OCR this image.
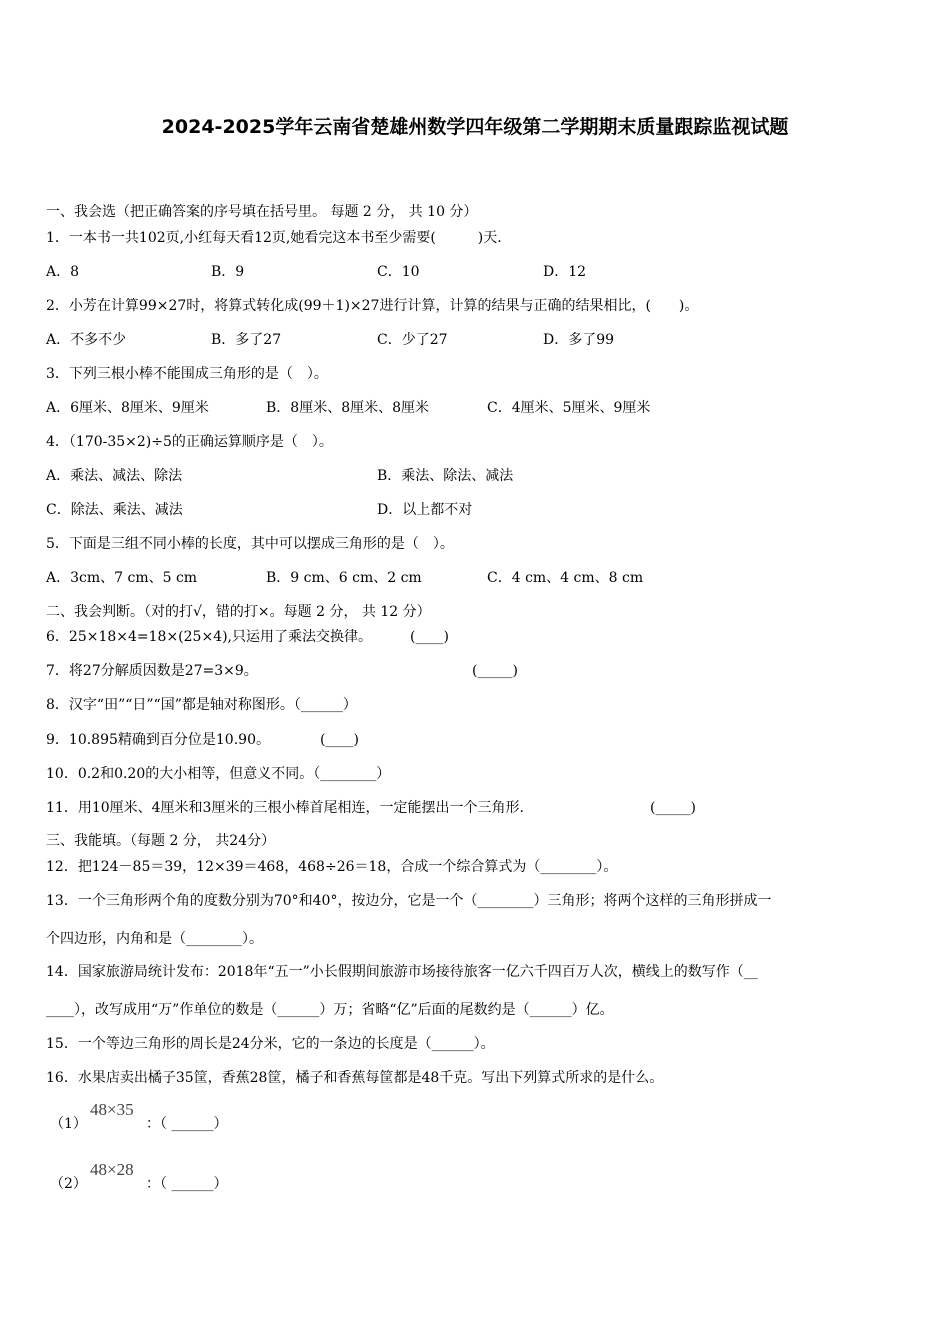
2024-2025学年云南省楚雄州数学四年级第二学期期末质量跟踪监视试题
一、我会选（把正确答案的序号填在括号里。 每题 2 分， 共 10 分）
1．一本书一共102页,小红每天看12页,她看完这本书至少需要(　　　)天.
A．8	B．9	C．10	D．12
2．小芳在计算99×27时，将算式转化成(99＋1)×27进行计算，计算的结果与正确的结果相比，(　　)。
A．不多不少	B．多了27	C．少了27	D．多了99
3．下列三根小棒不能围成三角形的是（　）。
A．6厘米、8厘米、9厘米	B．8厘米、8厘米、8厘米	C．4厘米、5厘米、9厘米
4．（170-35×2)÷5的正确运算顺序是（　）。
A．乘法、减法、除法	B．乘法、除法、减法
C．除法、乘法、减法	D．以上都不对
5．下面是三组不同小棒的长度，其中可以摆成三角形的是（　）。
A．3cm、7 cm、5 cm	B．9 cm、6 cm、2 cm	C．4 cm、4 cm、8 cm
二、我会判断。（对的打√，错的打×。每题 2 分， 共 12 分）
6．25×18×4=18×(25×4),只运用了乘法交换律。	(____)
7．将27分解质因数是27=3×9。	(_____)
8．汉字“田”“日”“国”都是轴对称图形。（______）
9．10.895精确到百分位是10.90。	(____)
10．0.2和0.20的大小相等，但意义不同。（________）
11．用10厘米、4厘米和3厘米的三根小棒首尾相连，一定能摆出一个三角形.	(_____)
三、我能填。（每题 2 分， 共24分）
12．把124－85＝39，12×39＝468，468÷26＝18，合成一个综合算式为（________）。
13．一个三角形两个角的度数分别为70°和40°，按边分，它是一个（________）三角形；将两个这样的三角形拼成一
个四边形，内角和是（________）。
14．国家旅游局统计发布：2018年“五一”小长假期间旅游市场接待旅客一亿六千四百万人次，横线上的数写作（__
____），改写成用“万”作单位的数是（______）万；省略“亿”后面的尾数约是（______）亿。
15．一个等边三角形的周长是24分米，它的一条边的长度是（______）。
16．水果店卖出橘子35筐，香蕉28筐，橘子和香蕉每筐都是48千克。写出下列算式所求的是什么。
（1）
48×35
：（ ______）
（2）
48×28
：（ ______）
